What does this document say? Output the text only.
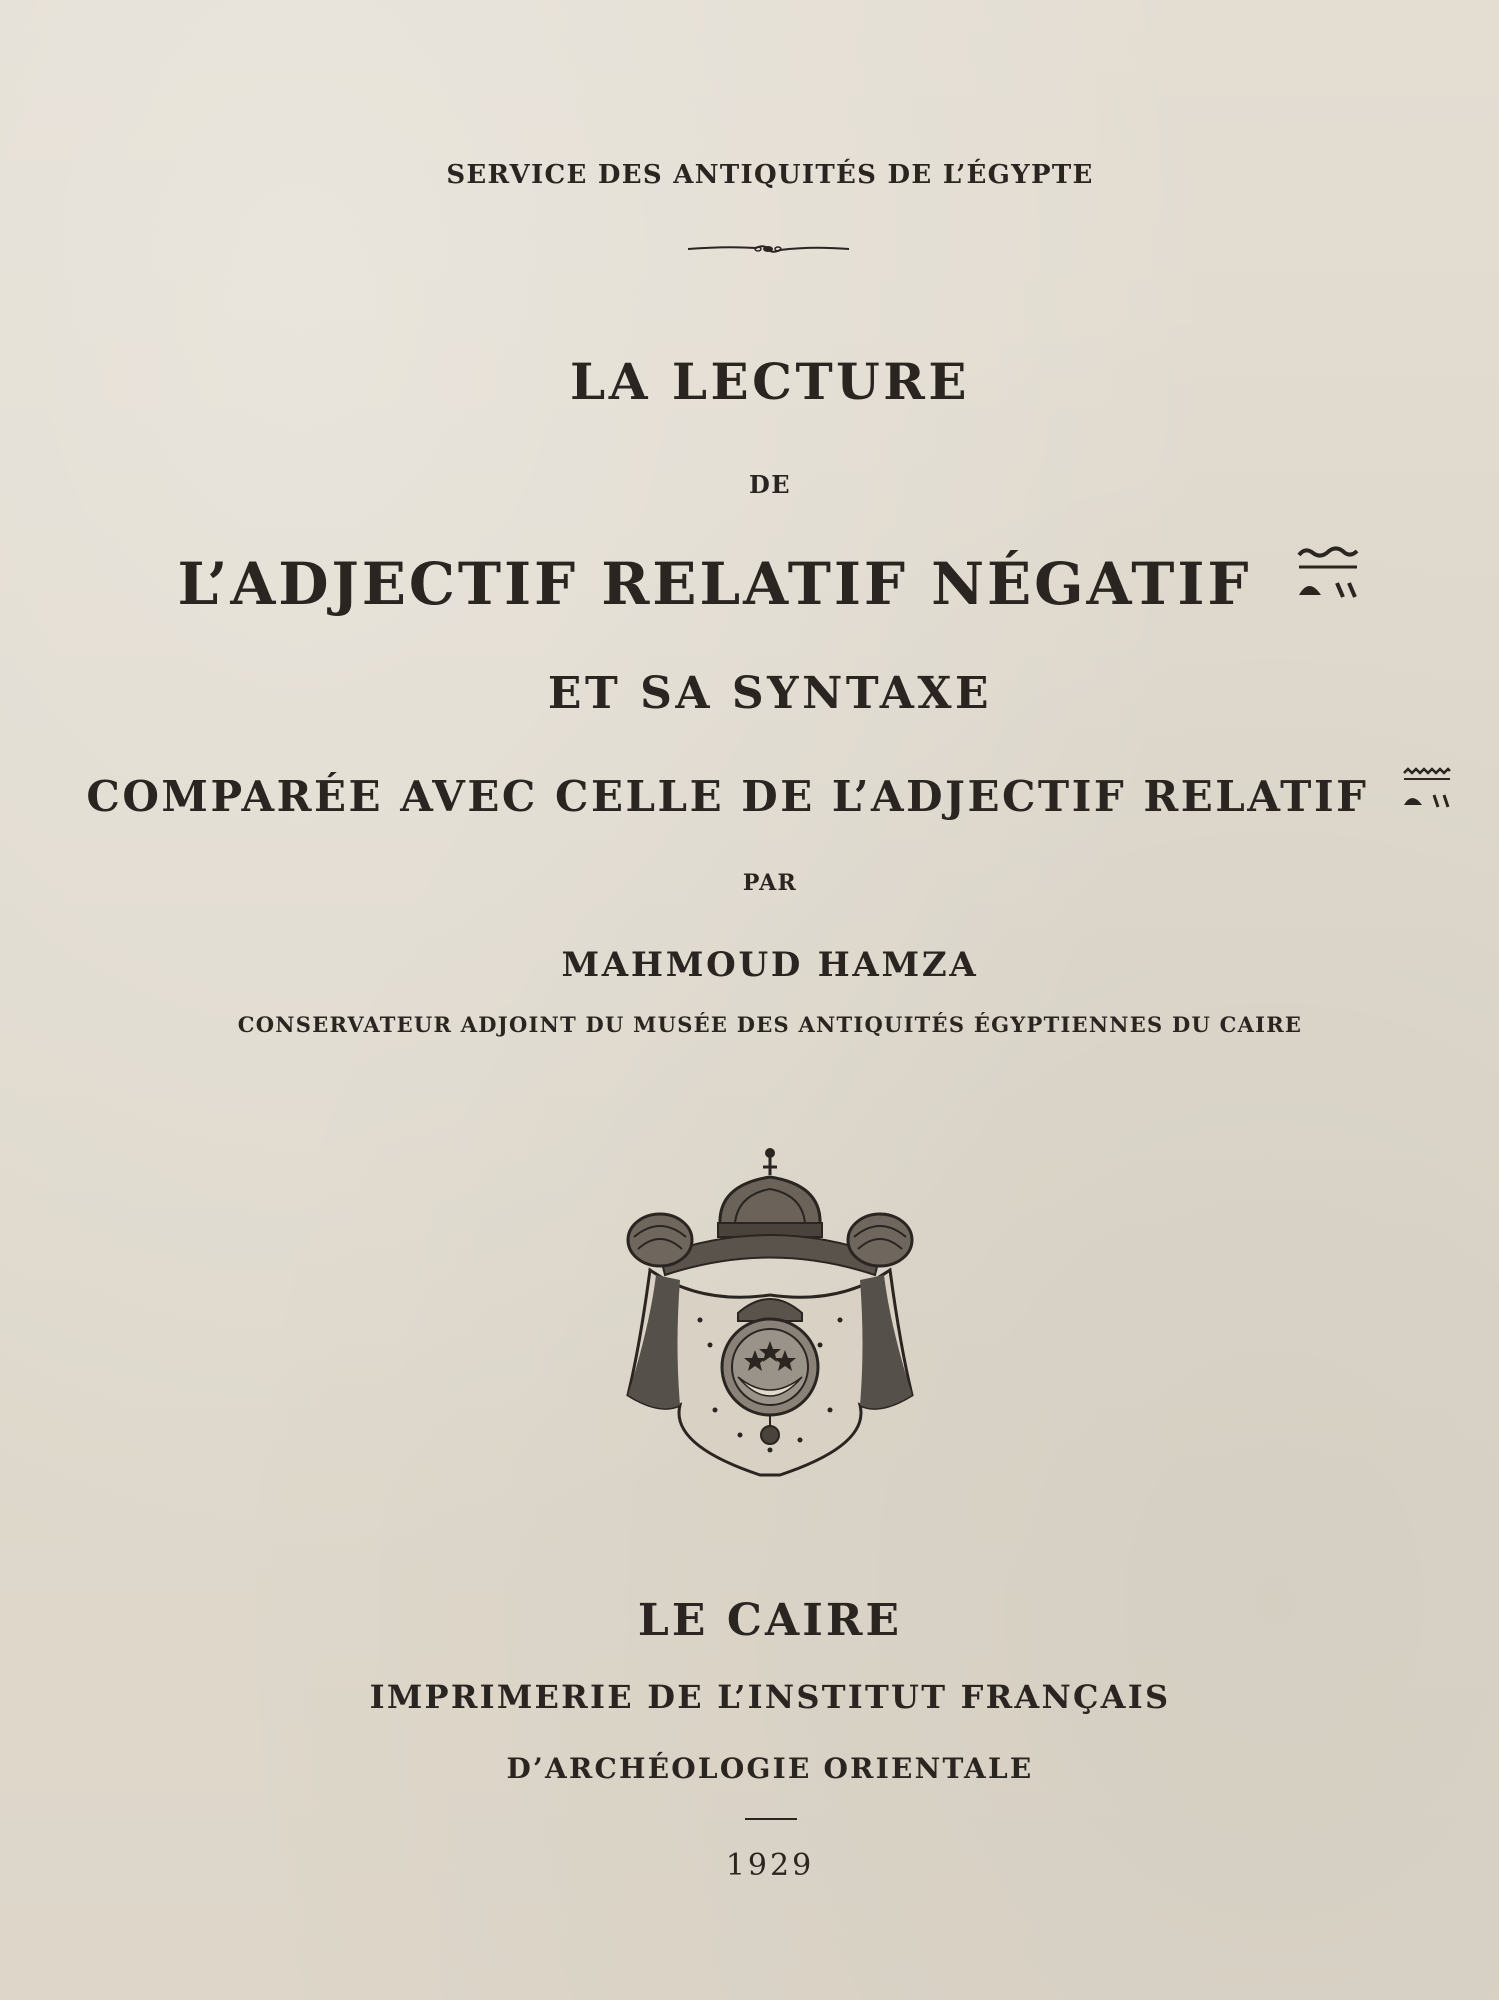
SERVICE DES ANTIQUITÉS DE L’ÉGYPTE
LA LECTURE
DE
L’ADJECTIF RELATIF NÉGATIF
ET SA SYNTAXE
COMPARÉE AVEC CELLE DE L’ADJECTIF RELATIF
PAR
MAHMOUD HAMZA
CONSERVATEUR ADJOINT DU MUSÉE DES ANTIQUITÉS ÉGYPTIENNES DU CAIRE
LE CAIRE
IMPRIMERIE DE L’INSTITUT FRANÇAIS
D’ARCHÉOLOGIE ORIENTALE
1929
